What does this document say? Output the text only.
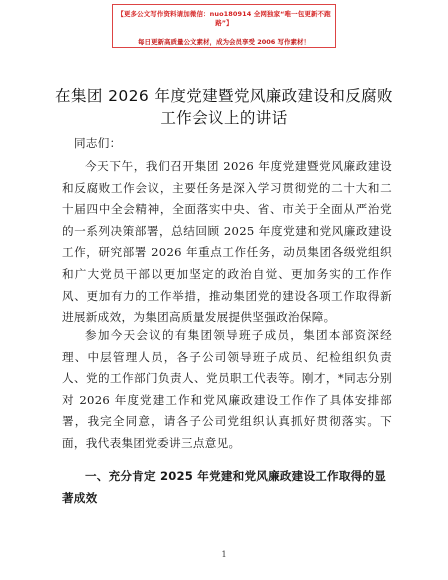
【更多公文写作资料请加微信：nuo180914 全网独家“唯一包更新不跑路”】
每日更新高质量公文素材，成为会员享受 2006 写作素材！
在集团 2026 年度党建暨党风廉政建设和反腐败
工作会议上的讲话
同志们：

今天下午，我们召开集团 2026 年度党建暨党风廉政建设和反腐败工作会议，主要任务是深入学习贯彻党的二十大和二十届四中全会精神，全面落实中央、省、市关于全面从严治党的一系列决策部署，总结回顾 2025 年度党建和党风廉政建设工作，研究部署 2026 年重点工作任务，动员集团各级党组织和广大党员干部以更加坚定的政治自觉、更加务实的工作作风、更加有力的工作举措，推动集团党的建设各项工作取得新进展新成效，为集团高质量发展提供坚强政治保障。

参加今天会议的有集团领导班子成员，集团本部资深经理、中层管理人员，各子公司领导班子成员、纪检组织负责人、党的工作部门负责人、党员职工代表等。刚才，*同志分别对 2026 年度党建工作和党风廉政建设工作作了具体安排部署，我完全同意，请各子公司党组织认真抓好贯彻落实。下面，我代表集团党委讲三点意见。

一、充分肯定 2025 年党建和党风廉政建设工作取得的显著成效
1
